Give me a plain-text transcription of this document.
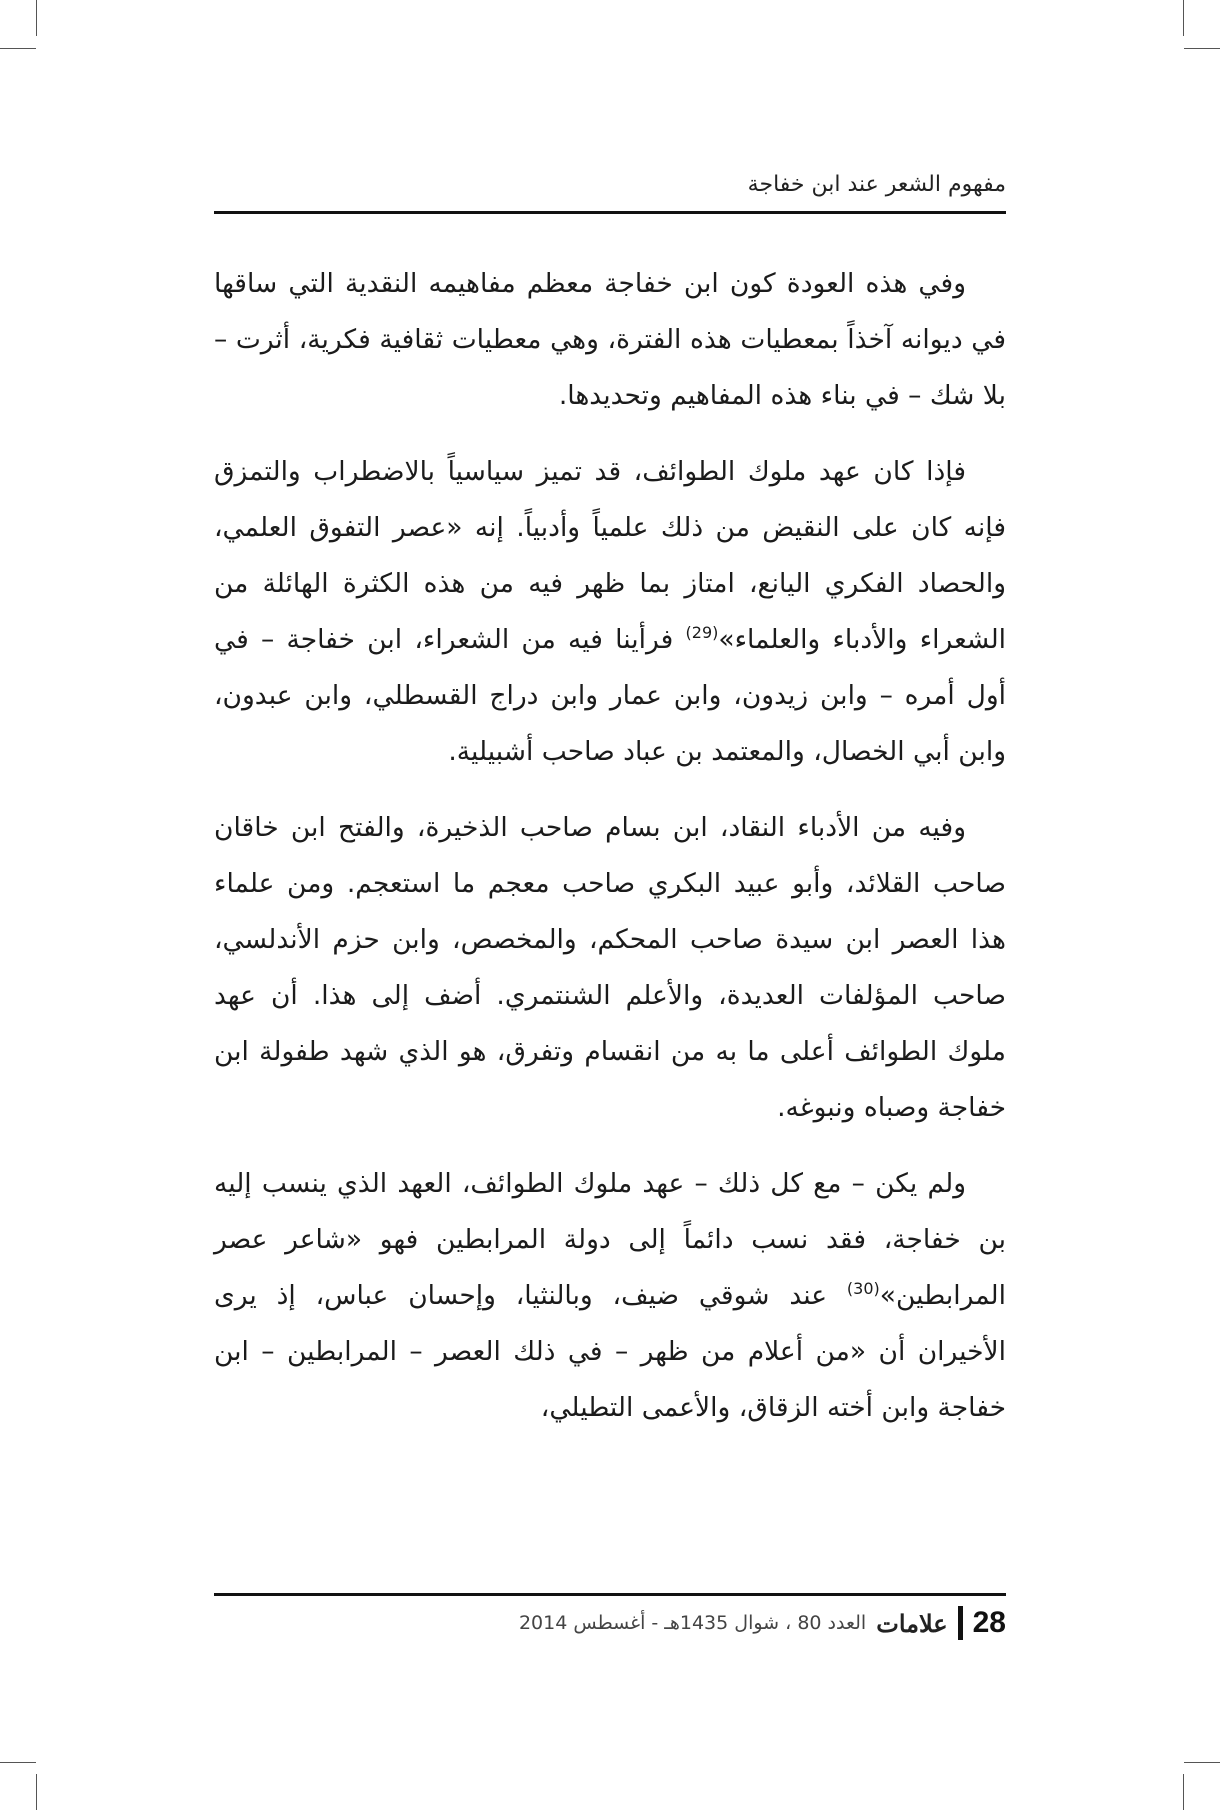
مفهوم الشعر عند ابن خفاجة

وفي هذه العودة كون ابن خفاجة معظم مفاهيمه النقدية التي ساقها في ديوانه آخذاً بمعطيات هذه الفترة، وهي معطيات ثقافية فكرية، أثرت – بلا شك – في بناء هذه المفاهيم وتحديدها.

فإذا كان عهد ملوك الطوائف، قد تميز سياسياً بالاضطراب والتمزق فإنه كان على النقيض من ذلك علمياً وأدبياً. إنه «عصر التفوق العلمي، والحصاد الفكري اليانع، امتاز بما ظهر فيه من هذه الكثرة الهائلة من الشعراء والأدباء والعلماء»$^{(29)}$ فرأينا فيه من الشعراء، ابن خفاجة – في أول أمره – وابن زيدون، وابن عمار وابن دراج القسطلي، وابن عبدون، وابن أبي الخصال، والمعتمد بن عباد صاحب أشبيلية.

وفيه من الأدباء النقاد، ابن بسام صاحب الذخيرة، والفتح ابن خاقان صاحب القلائد، وأبو عبيد البكري صاحب معجم ما استعجم. ومن علماء هذا العصر ابن سيدة صاحب المحكم، والمخصص، وابن حزم الأندلسي، صاحب المؤلفات العديدة، والأعلم الشنتمري. أضف إلى هذا. أن عهد ملوك الطوائف أعلى ما به من انقسام وتفرق، هو الذي شهد طفولة ابن خفاجة وصباه ونبوغه.

ولم يكن – مع كل ذلك – عهد ملوك الطوائف، العهد الذي ينسب إليه بن خفاجة، فقد نسب دائماً إلى دولة المرابطين فهو «شاعر عصر المرابطين»$^{(30)}$ عند شوقي ضيف، وبالنثيا، وإحسان عباس، إذ يرى الأخيران أن «من أعلام من ظهر – في ذلك العصر – المرابطين – ابن خفاجة وابن أخته الزقاق، والأعمى التطيلي،

28
علامات
العدد 80 ، شوال 1435هـ - أغسطس 2014
